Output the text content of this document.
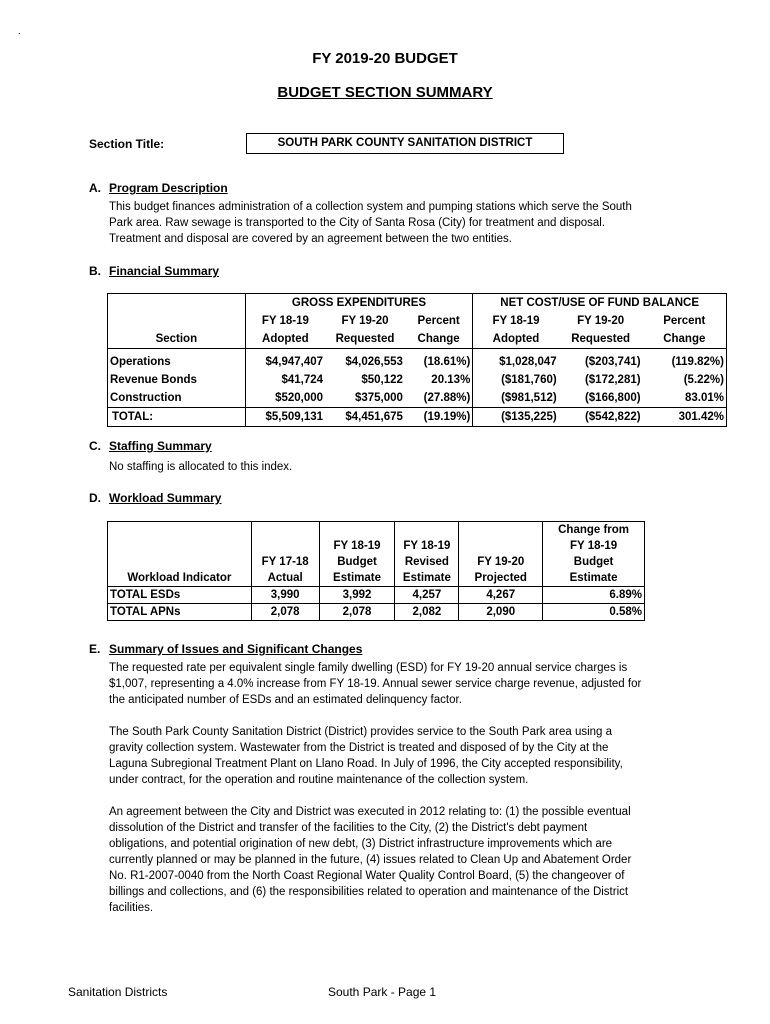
.
FY 2019-20 BUDGET
BUDGET SECTION SUMMARY
Section Title:	SOUTH PARK COUNTY SANITATION DISTRICT
A. Program Description
This budget finances administration of a collection system and pumping stations which serve the South
Park area. Raw sewage is transported to the City of Santa Rosa (City) for treatment and disposal.
Treatment and disposal are covered by an agreement between the two entities.
B. Financial Summary
	GROSS EXPENDITURES			NET COST/USE OF FUND BALANCE		
	FY 18-19	FY 19-20	Percent	FY 18-19	FY 19-20	Percent
Section	Adopted	Requested	Change	Adopted	Requested	Change

Operations	$4,947,407	$4,026,553	(18.61%)	$1,028,047	($203,741)	(119.82%)
Revenue Bonds	$41,724	$50,122	20.13%	($181,760)	($172,281)	(5.22%)
Construction	$520,000	$375,000	(27.88%)	($981,512)	($166,800)	83.01%
TOTAL:	$5,509,131	$4,451,675	(19.19%)	($135,225)	($542,822)	301.42%
C. Staffing Summary
No staffing is allocated to this index.
D. Workload Summary
					Change from
		FY 18-19	FY 18-19		FY 18-19
	FY 17-18	Budget	Revised	FY 19-20	Budget
Workload Indicator	Actual	Estimate	Estimate	Projected	Estimate
TOTAL ESDs	3,990	3,992	4,257	4,267	6.89%
TOTAL APNs	2,078	2,078	2,082	2,090	0.58%
E. Summary of Issues and Significant Changes
The requested rate per equivalent single family dwelling (ESD) for FY 19-20 annual service charges is
$1,007, representing a 4.0% increase from FY 18-19. Annual sewer service charge revenue, adjusted for
the anticipated number of ESDs and an estimated delinquency factor.
The South Park County Sanitation District (District) provides service to the South Park area using a
gravity collection system. Wastewater from the District is treated and disposed of by the City at the
Laguna Subregional Treatment Plant on Llano Road. In July of 1996, the City accepted responsibility,
under contract, for the operation and routine maintenance of the collection system.
An agreement between the City and District was executed in 2012 relating to: (1) the possible eventual
dissolution of the District and transfer of the facilities to the City, (2) the District's debt payment
obligations, and potential origination of new debt, (3) District infrastructure improvements which are
currently planned or may be planned in the future, (4) issues related to Clean Up and Abatement Order
No. R1-2007-0040 from the North Coast Regional Water Quality Control Board, (5) the changeover of
billings and collections, and (6) the responsibilities related to operation and maintenance of the District
facilities.
Sanitation Districts	South Park - Page 1
